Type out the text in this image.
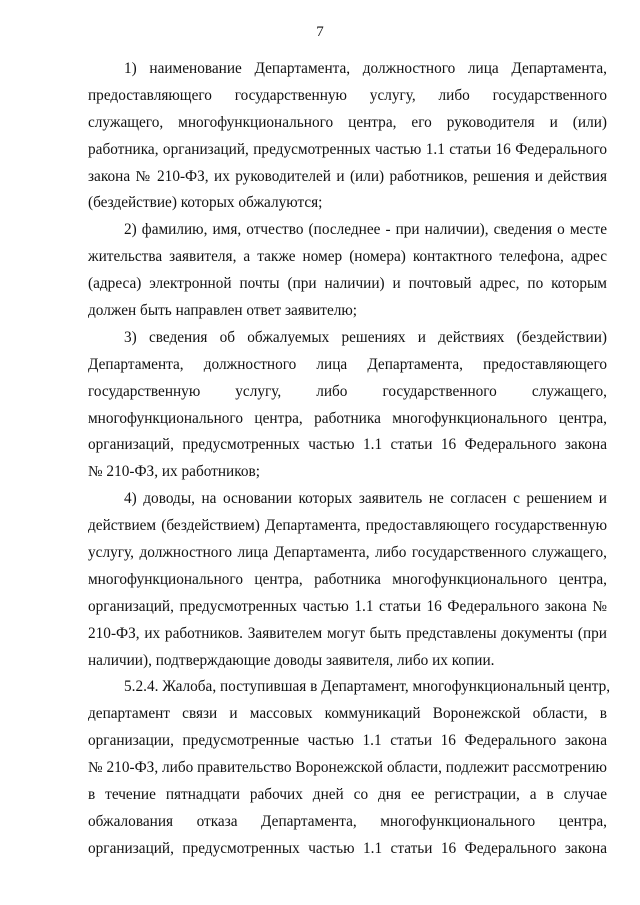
7
1) наименование Департамента, должностного лица Департамента,
предоставляющего государственную услугу, либо государственного
служащего, многофункционального центра, его руководителя и (или)
работника, организаций, предусмотренных частью 1.1 статьи 16 Федерального
закона № 210-ФЗ, их руководителей и (или) работников, решения и действия
(бездействие) которых обжалуются;
2) фамилию, имя, отчество (последнее - при наличии), сведения о месте
жительства заявителя, а также номер (номера) контактного телефона, адрес
(адреса) электронной почты (при наличии) и почтовый адрес, по которым
должен быть направлен ответ заявителю;
3) сведения об обжалуемых решениях и действиях (бездействии)
Департамента, должностного лица Департамента, предоставляющего
государственную услугу, либо государственного служащего,
многофункционального центра, работника многофункционального центра,
организаций, предусмотренных частью 1.1 статьи 16 Федерального закона
№ 210-ФЗ, их работников;
4) доводы, на основании которых заявитель не согласен с решением и
действием (бездействием) Департамента, предоставляющего государственную
услугу, должностного лица Департамента, либо государственного служащего,
многофункционального центра, работника многофункционального центра,
организаций, предусмотренных частью 1.1 статьи 16 Федерального закона №
210-ФЗ, их работников. Заявителем могут быть представлены документы (при
наличии), подтверждающие доводы заявителя, либо их копии.
5.2.4. Жалоба, поступившая в Департамент, многофункциональный центр,
департамент связи и массовых коммуникаций Воронежской области, в
организации, предусмотренные частью 1.1 статьи 16 Федерального закона
№ 210-ФЗ, либо правительство Воронежской области, подлежит рассмотрению
в течение пятнадцати рабочих дней со дня ее регистрации, а в случае
обжалования отказа Департамента, многофункционального центра,
организаций, предусмотренных частью 1.1 статьи 16 Федерального закона
